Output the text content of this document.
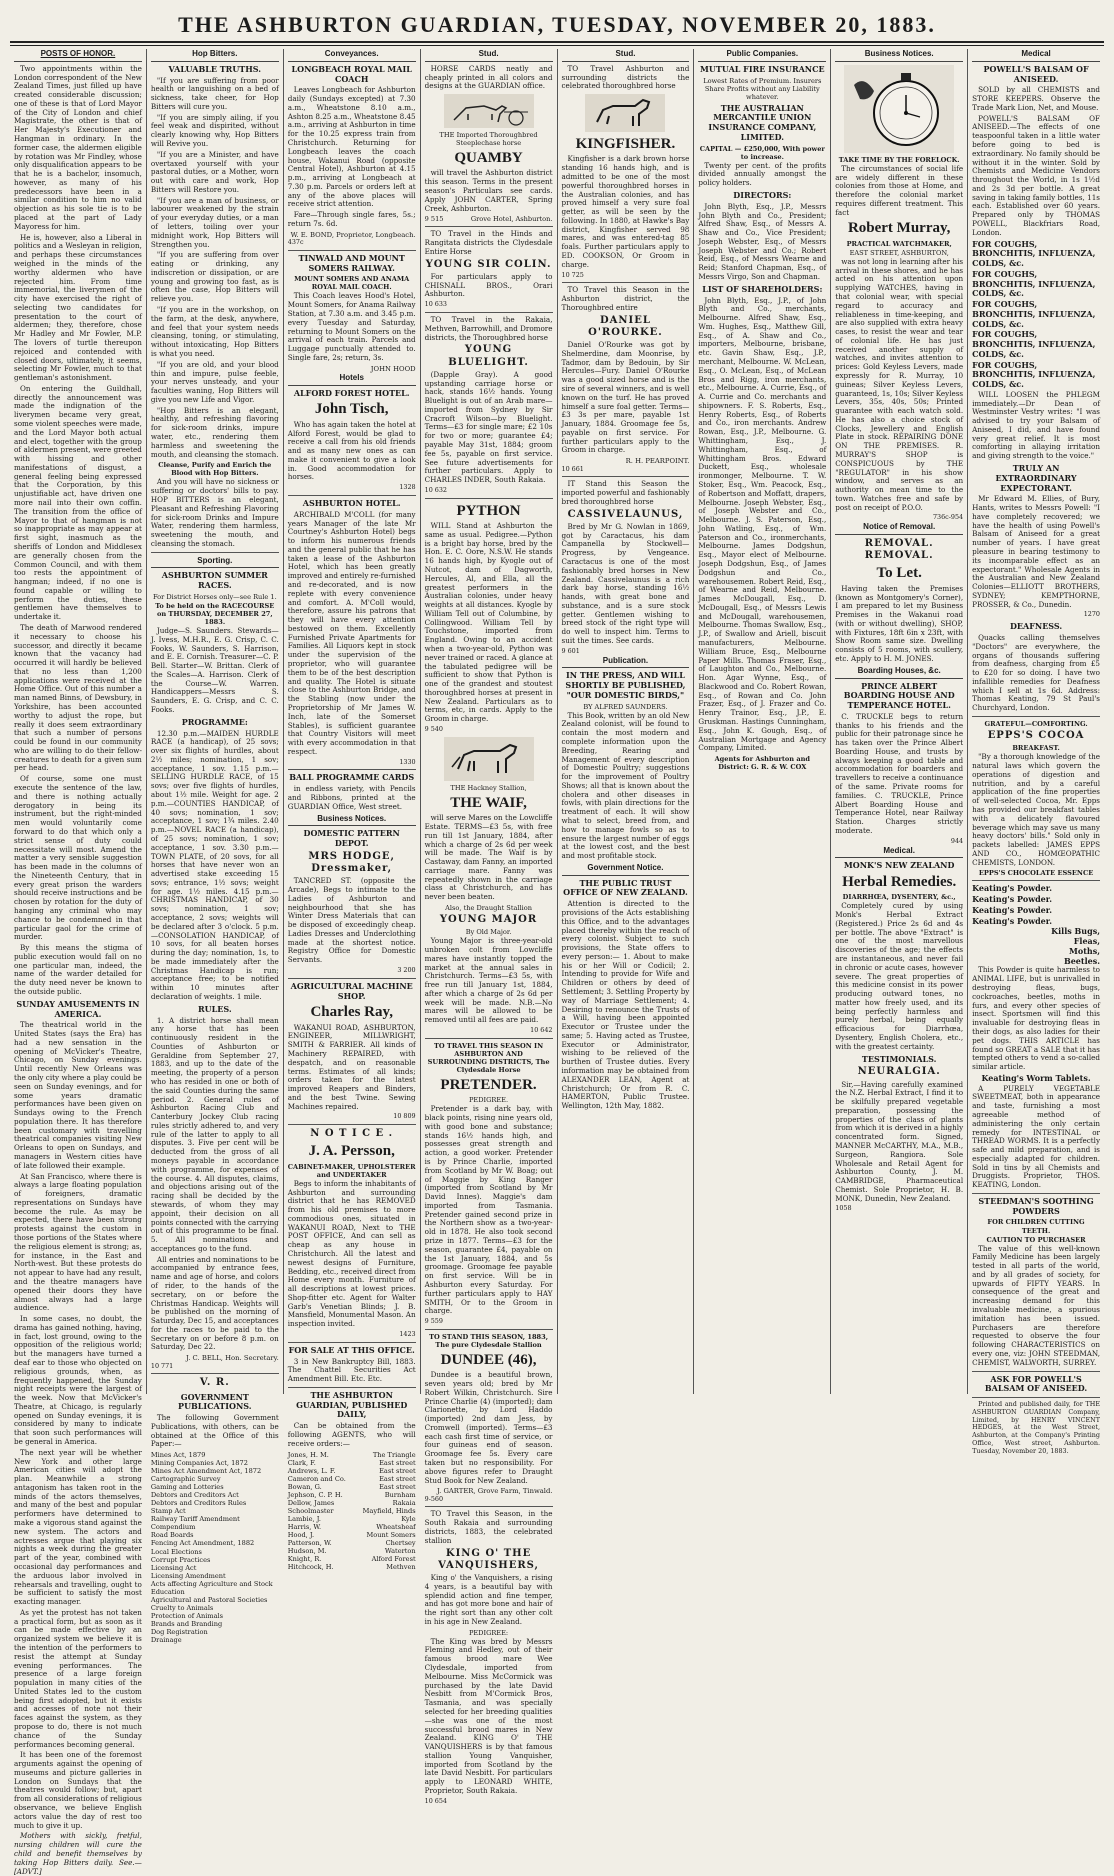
THE ASHBURTON GUARDIAN, TUESDAY, NOVEMBER 20, 1883.
POSTS OF HONOR.

Two appointments within the London correspondent of the New Zealand Times, just filled up have created considerable discussion; one of these is that of Lord Mayor of the City of London and chief Magistrate, the other is that of Her Majesty's Executioner and Hangman in ordinary. In the former case, the aldermen eligible by rotation was Mr Findley, whose only disqualification appears to be that he is a bachelor, insomuch, however, as many of his predecessors have been in a similar condition to him no valid objection as his sole tie is to be placed at the part of Lady Mayoress for him.

He is, however, also a Liberal in politics and a Wesleyan in religion, and perhaps these circumstances weighed in the minds of the worthy aldermen who have rejected him. From time immemorial, the liverymen of the city have exercised the right of selecting two candidates for presentation to the court of aldermen; they, therefore, chose Mr Hadley and Mr Fowler, M.P. The lovers of turtle thereupon rejoiced and contended with closed doors, ultimately, it seems, selecting Mr Fowler, much to that gentleman's astonishment.

On entering the Guildhall, directly the announcement was made the indignation of the liverymen became very great, some violent speeches were made, and the Lord Mayor both actual and elect, together with the group of aldermen present, were greeted with hissing and other manifestations of disgust, a general feeling being expressed that the Corporation, by this unjustifiable act, have driven one more nail into their own coffin. The transition from the office of Mayor to that of hangman is not so inappropriate as may appear at first sight, inasmuch as the sheriffs of London and Middlesex are generally chosen from the Common Council, and with them too rests the appointment of hangman; indeed, if no one is found capable or willing to perform the duties, these gentlemen have themselves to undertake it.

The death of Marwood rendered it necessary to choose his successor, and directly it became known that the vacancy had occurred it will hardly be believed that no less than 1,200 applications were received at the Home Office. Out of this number a man named Binns, of Dewsbury, in Yorkshire, has been accounted worthy to adjust the rope, but really it does seem extraordinary that such a number of persons could be found in our community who are willing to do their fellow-creatures to death for a given sum per head.

Of course, some one must execute the sentence of the law, and there is nothing actually derogatory in being its instrument, but the right-minded men would voluntarily come forward to do that which only a strict sense of duty could necessitate will most. Amend the matter a very sensible suggestion has been made in the columns of the Nineteenth Century, that in every great prison the warders should receive instructions and be chosen by rotation for the duty of hanging any criminal who may chance to be condemned in that particular gaol for the crime of murder.

By this means the stigma of public execution would fall on no one particular man, indeed, the name of the warder detailed for the duty need never be known to the outside public.

SUNDAY AMUSEMENTS IN AMERICA.

The theatrical world in the United States (says the Era) has had a new sensation in the opening of McVicker's Theatre, Chicago, on Sunday evenings. Until recently New Orleans was the only city where a play could be seen on Sunday evenings, and for some years dramatic performances have been given on Sundays owing to the French population there. It has therefore been customary with travelling theatrical companies visiting New Orleans to open on Sundays, and managers in Western cities have of late followed their example.

At San Francisco, where there is always a large floating population of foreigners, dramatic representations on Sundays have become the rule. As may be expected, there have been strong protests against the custom in those portions of the States where the religious element is strong; as, for instance, in the East and North-west. But these protests do not appear to have had any result, and the theatre managers have opened their doors they have almost always had a large audience.

In some cases, no doubt, the drama has gained nothing, having, in fact, lost ground, owing to the opposition of the religious world; but the managers have turned a deaf ear to those who objected on religious grounds, when, as frequently happened, the Sunday night receipts were the largest of the week. Now that McVicker's Theatre, at Chicago, is regularly opened on Sunday evenings, it is considered by many to indicate that soon such performances will be general in America.

The next year will be whether New York and other large American cities will adopt the plan. Meanwhile a strong antagonism has taken root in the minds of the actors themselves, and many of the best and popular performers have determined to make a vigorous stand against the new system. The actors and actresses argue that playing six nights a week during the greater part of the year, combined with occasional day performances and the arduous labor involved in rehearsals and travelling, ought to be sufficient to satisfy the most exacting manager.

As yet the protest has not taken a practical form, but as soon as it can be made effective by an organized system we believe it is the intention of the performers to resist the attempt at Sunday evening performances. The presence of a large foreign population in many cities of the United States led to the custom being first adopted, but it exists and accesses of note not their faces against the system, as they propose to do, there is not much chance of the Sunday performances becoming general.

It has been one of the foremost arguments against the opening of museums and picture galleries in London on Sundays that the theatres would follow; but, apart from all considerations of religious observance, we believe English actors value the day of rest too much to give it up.

Mothers with sickly, fretful, nursing children will cure the child and benefit themselves by taking Hop Bitters daily. See.—[ADVT.]

Hop Bitters.
VALUABLE TRUTHS.

"If you are suffering from poor health or languishing on a bed of sickness, take cheer, for Hop Bitters will cure you.

"If you are simply ailing, if you feel weak and dispirited, without clearly knowing why, Hop Bitters will Revive you.

"If you are a Minister, and have overtaxed yourself with your pastoral duties, or a Mother, worn out with care and work, Hop Bitters will Restore you.

"If you are a man of business, or labourer weakened by the strain of your everyday duties, or a man of letters, toiling over your midnight work, Hop Bitters will Strengthen you.

"If you are suffering from over eating or drinking, any indiscretion or dissipation, or are young and growing too fast, as is often the case, Hop Bitters will relieve you.

"If you are in the workshop, on the farm, at the desk, anywhere, and feel that your system needs cleansing, toning, or stimulating, without intoxicating, Hop Bitters is what you need.

"If you are old, and your blood thin and impure, pulse feeble, your nerves unsteady, and your faculties waning, Hop Bitters will give you new Life and Vigor.

"Hop Bitters is an elegant, healthy, and refreshing flavoring for sick-room drinks, impure water, etc., rendering them harmless and sweetening the mouth, and cleansing the stomach.

Cleanse, Purify and Enrich the Blood with Hop Bitters.

And you will have no sickness or suffering or doctors' bills to pay. HOP BITTERS is an elegant, Pleasant and Refreshing Flavoring for sick-room Drinks and Impure Water, rendering them harmless, sweetening the mouth, and cleansing the stomach.

Sporting.
ASHBURTON SUMMER RACES.
For District Horses only—see Rule 1.
To be held on the RACECOURSE on THURSDAY, DECEMBER 27, 1883.

Judge—S. Saunders. Stewards—J. Ivess, M.H.R., E. G. Crisp, C. C. Fooks, W. Saunders, S. Harrison, and E. E. Cornish. Treasurer—C. P. Bell. Starter—W. Brittan. Clerk of the Scales—A. Harrison. Clerk of the Course—W. Warren. Handicappers—Messrs S. Saunders, E. G. Crisp, and C. C. Fooks.

PROGRAMME:

12.30 p.m.—MAIDEN HURDLE RACE (a handicap), of 25 sovs; over six flights of hurdles, about 2½ miles; nomination, 1 sov; acceptance, 1 sov. 1.15 p.m.—SELLING HURDLE RACE, of 15 sovs; over five flights of hurdles, about 1½ mile. Weight for age. 2 p.m.—COUNTIES HANDICAP, of 40 sovs; nomination, 1 sov; acceptance, 1 sov; 1¾ miles. 2.40 p.m.—NOVEL RACE (a handicap), of 25 sovs; nomination, 1 sov; acceptance, 1 sov. 3.30 p.m.—TOWN PLATE, of 20 sovs, for all horses that have never won an advertised stake exceeding 15 sovs; entrance, 1½ sovs; weight for age. 1½ miles. 4.15 p.m.—CHRISTMAS HANDICAP, of 30 sovs; nomination, 1 sov; acceptance, 2 sovs; weights will be declared after 3 o'clock. 5 p.m.—CONSOLATION HANDICAP, of 10 sovs, for all beaten horses during the day; nomination, 1s, to be made immediately after the Christmas Handicap is run; acceptance free; to be notified within 10 minutes after declaration of weights. 1 mile.

RULES.

1. A district horse shall mean any horse that has been continuously resident in the Counties of Ashburton or Geraldine from September 27, 1883, and up to the date of the meeting, the property of a person who has resided in one or both of the said Counties during the same period. 2. General rules of Ashburton Racing Club and Canterbury Jockey Club racing rules strictly adhered to, and very rule of the latter to apply to all disputes. 3. Five per cent will be deducted from the gross of all moneys payable in accordance with programme, for expenses of the course. 4. All disputes, claims, and objections arising out of the racing shall be decided by the stewards, of whom they may appoint, their decision on all points connected with the carrying out of this programme to be final. 5. All nominations and acceptances go to the fund.

All entries and nominations to be accompanied by entrance fees, name and age of horse, and colors of rider, to the hands of the secretary, on or before the Christmas Handicap. Weights will be published on the morning of Saturday, Dec 15, and acceptances for the races to be paid to the Secretary on or before 8 p.m. on Saturday, Dec 22.

J. C. BELL, Hon. Secretary.
10 771
V. R.
GOVERNMENT PUBLICATIONS.

The following Government Publications, with others, can be obtained at the Office of this Paper:—

Mines Act, 1879
Mining Companies Act, 1872
Mines Act Amendment Act, 1872
Cartographic Survey
Gaming and Lotteries
Debtors and Creditors Act
Debtors and Creditors Rules
Stamp Act
Railway Tariff Amendment
Compendium
Road Boards
Fencing Act Amendment, 1882
Local Elections
Corrupt Practices
Licensing Act
Licensing Amendment
Acts affecting Agriculture and Stock
Education
Agricultural and Pastoral Societies
Cruelty to Animals
Protection of Animals
Brands and Branding
Dog Registration
Drainage
Conveyances.
LONGBEACH ROYAL MAIL COACH

Leaves Longbeach for Ashburton daily (Sundays excepted) at 7.30 a.m., Wheatstone 8.10 a.m., Ashton 8.25 a.m., Wheatstone 8.45 a.m., arriving at Ashburton in time for the 10.25 express train from Christchurch. Returning for Longbeach leaves the coach house, Wakanui Road (opposite Central Hotel), Ashburton at 4.15 p.m., arriving at Longbeach at 7.30 p.m. Parcels or orders left at any of the above places will receive strict attention.

Fare—Through single fares, 5s.; return 7s. 6d.

W. E. BOND, Proprietor, Longbeach.
437c
TINWALD AND MOUNT SOMERS RAILWAY.
MOUNT SOMERS AND ANAMA ROYAL MAIL COACH.

This Coach leaves Hood's Hotel, Mount Somers, for Anama Railway Station, at 7.30 a.m. and 3.45 p.m. every Tuesday and Saturday, returning to Mount Somers on the arrival of each train. Parcels and Luggage punctually attended to. Single fare, 2s; return, 3s.

JOHN HOOD
Hotels
ALFORD FOREST HOTEL.
John Tisch,

Who has again taken the hotel at Alford Forest, would be glad to receive a call from his old friends and as many new ones as can make it convenient to give a look in. Good accommodation for horses.

1328
ASHBURTON HOTEL.

ARCHIBALD M'COLL (for many years Manager of the late Mr Courtney's Ashburton Hotel) begs to inform his numerous friends and the general public that he has taken a lease of the Ashburton Hotel, which has been greatly improved and entirely re-furnished and re-decorated, and is now replete with every convenience and comfort. A. M'Coll would, therefore, assure his patrons that they will have every attention bestowed on them. Excellently Furnished Private Apartments for Families. All Liquors kept in stock under the supervision of the proprietor, who will guarantee them to be of the best description and quality. The Hotel is situate close to the Ashburton Bridge, and the Stabling (now under the Proprietorship of Mr James W. Inch, late of the Somerset Stables), is sufficient guarantee that Country Visitors will meet with every accommodation in that respect.

1330
BALL PROGRAMME CARDS

in endless variety, with Pencils and Ribbons, printed at the GUARDIAN Office, West street.

Business Notices.
DOMESTIC PATTERN DEPOT.
MRS HODGE, Dressmaker,

TANCRED ST. (opposite the Arcade), Begs to intimate to the Ladies of Ashburton and neighbourhood that she has Winter Dress Materials that can be disposed of exceedingly cheap. Ladies Dresses and Underclothing made at the shortest notice. Registry Office for Domestic Servants.

3 200
AGRICULTURAL MACHINE SHOP.
Charles Ray,

WAKANUI ROAD, ASHBURTON, ENGINEER, MILLWRIGHT, SMITH & FARRIER. All kinds of Machinery REPAIRED, with despatch, and on reasonable terms. Estimates of all kinds; orders taken for the latest improved Reapers and Binders, and the best Twine. Sewing Machines repaired.

10 809
N O T I C E .
J. A. Persson,
CABINET-MAKER, UPHOLSTERER and UNDERTAKER

Begs to inform the inhabitants of Ashburton and surrounding district that he has REMOVED from his old premises to more commodious ones, situated in WAKANUI ROAD, Next to THE POST OFFICE, And can sell as cheap as any house in Christchurch. All the latest and newest designs of Furniture, Bedding, etc., received direct from Home every month. Furniture of all descriptions at lowest prices. Shop-fitter etc. Agent for Walter Garb's Venetian Blinds; J. B. Mansfield, Monumental Mason. An inspection invited.

1423
FOR SALE AT THIS OFFICE.

3 in New Bankruptcy Bill, 1883. The Chattel Securities Act Amendment Bill. Etc. Etc.

THE ASHBURTON GUARDIAN, PUBLISHED DAILY,

Can be obtained from the following AGENTS, who will receive orders:—

Jones, H. M.	The Triangle
Clark, F.	East street
Andrews, L. F.	East street
Cameron and Co.	East street
Bowan, G.	East street
Jephson, C. P. H.	Burnham
Dellow, James	Rakaia
Schoolmaster	Mayfield, Hinds
Lambie, J.	Kyle
Harris, W.	Wheatsheaf
Hood, J.	Mount Somers
Patterson, W.	Chertsey
Hudson, M.	Waterton
Knight, R.	Alford Forest
Hitchcock, H.	Methven
Stud.

HORSE CARDS neatly and cheaply printed in all colors and designs at the GUARDIAN office.

THE Imported Thoroughbred Steeplechase horse
QUAMBY

will travel the Ashburton district this season. Terms in the present season's Particulars see cards. Apply JOHN CARTER, Spring Creek, Ashburton.

9 515	Grove Hotel, Ashburton.

TO Travel in the Hinds and Rangitata districts the Clydesdale Entire Horse

YOUNG SIR COLIN.

For particulars apply to CHISNALL BROS., Orari Ashburton.

10 633

TO Travel in the Rakaia, Methven, Barrowhill, and Dromore districts, the Thoroughbred horse

YOUNG BLUELIGHT.

(Dapple Gray). A good upstanding carriage horse or hack, stands 16½ hands. Young Bluelight is out of an Arab mare—imported from Sydney by Sir Cracroft Wilson—by Bluelight. Terms—£3 for single mare; £2 10s for two or more; guarantee £4; payable May 31st, 1884; groom fee 5s, payable on first service. See future advertisements for further particulars. Apply to CHARLES INDER, South Rakaia.

10 632
PYTHON

WILL Stand at Ashburton the same as usual. Pedigree.—Python is a bright bay horse, bred by the Hon. E. C. Oore, N.S.W. He stands 16 hands high, by Kyogle out of Nutcot, dam of Dagworth, Hercules, Al, and Ella, all the greatest performers in the Australian colonies, under heavy weights at all distances. Kyogle by William Tell out of Columbine, by Collingwood. William Tell by Touchstone, imported from England. Owing to an accident when a two-year-old, Python was never trained or raced. A glance at the tabulated pedigree will be sufficient to show that Python is one of the grandest and stoutest thoroughbred horses at present in New Zealand. Particulars as to terms, etc, in cards. Apply to the Groom in charge.

9 540
THE Hackney Stallion,
THE WAIF,

will serve Mares on the Lowcliffe Estate. TERMS—£3 5s, with free run till 1st January, 1884, after which a charge of 2s 6d per week will be made. The Waif is by Castaway, dam Fanny, an imported carriage mare. Fanny was repeatedly shown in the carriage class at Christchurch, and has never been beaten.

Also, the Draught Stallion
YOUNG MAJOR
By Old Major.

Young Major is three-year-old unbroken colt from Lowcliffe mares have instantly topped the market at the annual sales in Christchurch. Terms—£3 5s, with free run till January 1st, 1884, after which a charge of 2s 6d per week will be made. N.B.—No mares will be allowed to be removed until all fees are paid.

10 642
TO TRAVEL THIS SEASON IN ASHBURTON AND SURROUNDING DISTRICTS, The Clydesdale Horse
PRETENDER.
PEDIGREE.

Pretender is a dark bay, with black points, rising nine years old, with good bone and substance; stands 16½ hands high, and possesses great strength and action, a good worker. Pretender is by Prince Charlie, imported from Scotland by Mr W. Boag; out of Maggie by King Ranger (imported from Scotland by Mr David Innes). Maggie's dam imported from Tasmania. Pretender gained second prize in the Northern show as a two-year-old in 1878. He also took second prize in 1877. Terms—£3 for the season, guarantee £4, payable on the 1st January, 1884, and 5s groomage. Groomage fee payable on first service. Will be in Ashburton every Saturday. For further particulars apply to HAY SMITH, Or to the Groom in charge.

9 559
TO STAND THIS SEASON, 1883, The pure Clydesdale Stallion
DUNDEE (46),

Dundee is a beautiful brown, seven years old; bred by Mr Robert Wilkin, Christchurch. Sire Prince Charlie (4) (imported); dam Clarionette, by Lord Haddo (imported) 2nd dam Jess, by Cromwell (imported). Terms—£3 each cash first time of service, or four guineas end of season. Groomage fee 5s. Every care taken but no responsibility. For above figures refer to Draught Stud Book for New Zealand.

J. GARTER, Grove Farm, Tinwald.
9-560

TO Travel this Season, in the South Rakaia and surrounding districts, 1883, the celebrated stallion

KING O' THE VANQUISHERS,

King o' the Vanquishers, a rising 4 years, is a beautiful bay with splendid action and fine temper, and has got more bone and hair of the right sort than any other colt in his age in New Zealand.

PEDIGREE:

The King was bred by Messrs Fleming and Hedley, out of their famous brood mare Wee Clydesdale, imported from Melbourne. Miss McCormick was purchased by the late David Nesbitt from M'Cormick Bros, Tasmania, and was specially selected for her breeding qualities—she was one of the most successful brood mares in New Zealand. KING O' THE VANQUISHERS is by that famous stallion Young Vanquisher, imported from Scotland by the late David Nesbitt. For particulars apply to LEONARD WHITE, Proprietor, South Rakaia.

10 654
Stud.

TO Travel Ashburton and surrounding districts the celebrated thoroughbred horse

KINGFISHER.

Kingfisher is a dark brown horse standing 16 hands high, and is admitted to be one of the most powerful thoroughbred horses in the Australian colonies, and has proved himself a very sure foal getter, as will be seen by the following. In 1880, at Hawke's Bay district, Kingfisher served 98 mares, and was entered-tag 85 foals. Further particulars apply to ED. COOKSON, Or Groom in charge.

10 725

TO Travel this Season in the Ashburton district, the Thoroughbred entire

DANIEL O'ROURKE.

Daniel O'Rourke was got by Shelmerdine, dam Moonrise, by Tadmor, dam by Bedouin, by Sir Hercules—Fury. Daniel O'Rourke was a good sized horse and is the sire of several winners, and is well known on the turf. He has proved himself a sure foal getter. Terms—£3 3s per mare, payable 1st January, 1884. Groomage fee 5s, payable on first service. For further particulars apply to the Groom in charge.

R. H. PEARPOINT.
10 661

IT Stand this Season the imported powerful and fashionably bred thoroughbred horse

CASSIVELAUNUS,

Bred by Mr G. Nowlan in 1869, got by Caractacus, his dam Campanella by Stockwell—Progress, by Vengeance. Caractacus is one of the most fashionably bred horses in New Zealand. Cassivelaunus is a rich dark bay horse, standing 16½ hands, with great bone and substance, and is a sure stock getter. Gentlemen wishing to breed stock of the right type will do well to inspect him. Terms to suit the times. See cards.

9 601
Publication.
IN THE PRESS, AND WILL SHORTLY BE PUBLISHED, "OUR DOMESTIC BIRDS,"
BY ALFRED SAUNDERS.

This Book, written by an old New Zealand colonist, will be found to contain the most modern and complete information upon the Breeding, Rearing and Management of every description of Domestic Poultry; suggestions for the improvement of Poultry Shows; all that is known about the cholera and other diseases in fowls, with plain directions for the treatment of each. It will show what to select, breed from, and how to manage fowls so as to ensure the largest number of eggs at the lowest cost, and the best and most profitable stock.

Government Notice.
THE PUBLIC TRUST OFFICE OF NEW ZEALAND.

Attention is directed to the provisions of the Acts establishing this Office, and to the advantages placed thereby within the reach of every colonist. Subject to such provisions, the State offers to every person:— 1. About to make his or her Will or Codicil; 2. Intending to provide for Wife and Children or others by deed of Settlement; 3. Settling Property by way of Marriage Settlement; 4. Desiring to renounce the Trusts of a Will, having been appointed Executor or Trustee under the same; 5. Having acted as Trustee, Executor or Administrator, wishing to be relieved of the burthen of Trustee duties. Every information may be obtained from ALEXANDER LEAN, Agent at Christchurch; Or from R. C. HAMERTON, Public Trustee. Wellington, 12th May, 1882.

Public Companies.
MUTUAL FIRE INSURANCE
Lowest Rates of Premium. Insurers Share Profits without any Liability whatever.
THE AUSTRALIAN MERCANTILE UNION INSURANCE COMPANY, LIMITED.
CAPITAL — £250,000, With power to increase.

Twenty per cent. of the profits divided annually amongst the policy holders.

DIRECTORS:

John Blyth, Esq., J.P., Messrs John Blyth and Co., President; Alfred Shaw, Esq., of Messrs A. Shaw and Co., Vice President; Joseph Webster, Esq., of Messrs Joseph Webster and Co.; Robert Reid, Esq., of Messrs Wearne and Reid; Stanford Chapman, Esq., of Messrs Virgo, Son and Chapman.

LIST OF SHAREHOLDERS:

John Blyth, Esq., J.P., of John Blyth and Co., merchants, Melbourne. Alfred Shaw, Esq., Wm. Hughes, Esq., Matthew Gill, Esq., of A. Shaw and Co., importers, Melbourne, brisbane, etc. Gavin Shaw, Esq., J.P., merchant, Melbourne. W. McLean, Esq., O. McLean, Esq., of McLean Bros and Rigg, iron merchants, etc., Melbourne. A. Currie, Esq., of A. Currie and Co. merchants and shipowners. F. S. Roberts, Esq., Henry Roberts, Esq., of Roberts and Co., iron merchants. Andrew Rowan, Esq., J.P., Melbourne. G. Whittingham, Esq., J. Whittingham, Esq., of Whittingham Bros. Edward Duckett, Esq., wholesale ironmonger, Melbourne. T. W. Stoker, Esq., Wm. Peacock, Esq., of Robertson and Moffatt, drapers, Melbourne. Joseph Webster, Esq., of Joseph Webster and Co., Melbourne. J. S. Paterson, Esq., John Watling, Esq., of Wm. Paterson and Co., ironmerchants, Melbourne. James Dodgshun, Esq., Mayor elect of Melbourne. Joseph Dodgshun, Esq., of James Dodgshun and Co., warehousemen. Robert Reid, Esq., of Wearne and Reid, Melbourne. James McDougall, Esq., D. McDougall, Esq., of Messrs Lewis and McDougall, warehousemen, Melbourne. Thomas Swallow, Esq., J.P., of Swallow and Ariell, biscuit manufacturers, Melbourne. William Bruce, Esq., Melbourne Paper Mills. Thomas Fraser, Esq., of Laughton and Co., Melbourne. Hon. Agar Wynne, Esq., of Blackwood and Co. Robert Rowan, Esq., of Rowan and Co. John Frazer, Esq., of J. Frazer and Co. Henry Trainor, Esq., J.P., E. Gruskman. Hastings Cunningham, Esq., John K. Gough, Esq., of Australian Mortgage and Agency Company, Limited.

Agents for Ashburton and District: G. R. & W. COX
Business Notices.
TAKE TIME BY THE FORELOCK.

The circumstances of social life are widely different in these colonies from those at Home, and therefore the colonial market requires different treatment. This fact

Robert Murray,
PRACTICAL WATCHMAKER,
EAST STREET, ASHBURTON,

was not long in learning after his arrival in these shores, and he has acted on his attention upon supplying WATCHES, having in that colonial wear, with special regard to accuracy and reliableness in time-keeping, and are also supplied with extra heavy cases, to resist the wear and tear of colonial life. He has just received another supply of watches, and invites attention to prices: Gold Keyless Levers, made expressly for R. Murray, 10 guineas; Silver Keyless Levers, guaranteed, 1s, 10s; Silver Keyless Levers, 35s, 40s, 50s; Printed guarantee with each watch sold. He has also a choice stock of Clocks, Jewellery and English Plate in stock. REPAIRING DONE ON THE PREMISES. R. MURRAY'S SHOP is CONSPICUOUS by THE "REGULATOR" in his show window, and serves as an authority on mean time to the town. Watches free and safe by post on receipt of P.O.O.

736c-954
Notice of Removal.
REMOVAL. REMOVAL.
To Let.

Having taken the Premises (known as Montgomery's Corner), I am prepared to let my Business Premises in the Wakanui road (with or without dwelling), SHOP, with Fixtures, 18ft 6in x 23ft, with Show Room same size. Dwelling consists of 5 rooms, with scullery, etc. Apply to H. M. JONES.

Boarding Houses, &c.
PRINCE ALBERT BOARDING HOUSE AND TEMPERANCE HOTEL.

C. TRUCKLE begs to return thanks to his friends and the public for their patronage since he has taken over the Prince Albert Boarding House, and trusts by always keeping a good table and accommodation for boarders and travellers to receive a continuance of the same. Private rooms for families. C. TRUCKLE, Prince Albert Boarding House and Temperance Hotel, near Railway Station. Charges strictly moderate.

944
Medical.
MONK'S NEW ZEALAND
Herbal Remedies.
DIARRHŒA, DYSENTERY, &c.,

Completely cured by using Monk's Herbal Extract (Registered.) Price 2s 6d and 4s per bottle. The above "Extract" is one of the most marvellous discoveries of the age; the effects are instantaneous, and never fail in chronic or acute cases, however severe. The great properties of this medicine consist in its power producing outward tones, no matter how freely used, and its being perfectly harmless and purely herbal, being equally efficacious for Diarrhœa, Dysentery, English Cholera, etc., with the greatest certainty.

TESTIMONIALS.
NEURALGIA.

Sir,—Having carefully examined the N.Z. Herbal Extract, I find it to be skilfully prepared vegetable preparation, possessing the properties of the class of plants from which it is derived in a highly concentrated form. Signed, MANNER McCARTHY, M.A., M.B., Surgeon, Rangiora. Sole Wholesale and Retail Agent for Ashburton County, J. M. CAMBRIDGE, Pharmaceutical Chemist. Sole Proprietor, H. B. MONK, Dunedin, New Zealand.

1058
Medical
POWELL'S BALSAM OF ANISEED.

SOLD by all CHEMISTS and STORE KEEPERS. Observe the Trade Mark Lion, Net, and Mouse.

POWELL'S BALSAM OF ANISEED.—The effects of one teaspoonful taken in a little water before going to bed is extraordinary. No family should be without it in the winter. Sold by Chemists and Medicine Vendors throughout the World, in 1s 1½d and 2s 3d per bottle. A great saving in taking family bottles, 11s each. Established over 60 years. Prepared only by THOMAS POWELL, Blackfriars Road, London.

FOR COUGHS, BRONCHITIS, INFLUENZA, COLDS, &c.
FOR COUGHS, BRONCHITIS, INFLUENZA, COLDS, &c.
FOR COUGHS, BRONCHITIS, INFLUENZA, COLDS, &c.
FOR COUGHS, BRONCHITIS, INFLUENZA, COLDS, &c.
FOR COUGHS, BRONCHITIS, INFLUENZA, COLDS, &c.

WILL LOOSEN the PHLEGM immediately.—Dr Dean of Westminster Vestry writes: "I was advised to try your Balsam of Aniseed, I did, and have found very great relief. It is most comforting in allaying irritation and giving strength to the voice."

TRULY AN EXTRAORDINARY EXPECTORANT.

Mr Edward M. Ellies, of Bury, Hants, writes to Messrs Powell: "I have completely recovered; we have the health of using Powell's Balsam of Aniseed for a great number of years. I have great pleasure in bearing testimony to its incomparable effect as an expectorant." Wholesale Agents in the Australian and New Zealand Colonies—ELLIOTT BROTHERS, SYDNEY; KEMPTHORNE, PROSSER, & Co., Dunedin.

1270
DEAFNESS.

Quacks calling themselves "Doctors" are everywhere, the organs of thousands suffering from deafness, charging from £5 to £20 for so doing. I have two infallible remedies for Deafness which I sell at 1s 6d. Address: Thomas Keating, 79 St Paul's Churchyard, London.

GRATEFUL—COMFORTING.
EPPS'S COCOA
BREAKFAST.

"By a thorough knowledge of the natural laws which govern the operations of digestion and nutrition, and by a careful application of the fine properties of well-selected Cocoa, Mr. Epps has provided our breakfast tables with a delicately flavoured beverage which may save us many heavy doctors' bills." Sold only in packets labelled: JAMES EPPS AND CO., HOMŒOPATHIC CHEMISTS, LONDON.

EPPS'S CHOCOLATE ESSENCE
Keating's Powder.
Keating's Powder.
Keating's Powder.
Keating's Powder.
Kills Bugs,
Fleas,
Moths,
Beetles.

This Powder is quite harmless to ANIMAL LIFE, but is unrivalled in destroying fleas, bugs, cockroaches, beetles, moths in furs, and every other species of insect. Sportsmen will find this invaluable for destroying fleas in their dogs, as also ladies for their pet dogs. THIS ARTICLE has found so GREAT a SALE that it has tempted others to vend a so-called similar article.

Keating's Worm Tablets.

A PURELY VEGETABLE SWEETMEAT, both in appearance and taste, furnishing a most agreeable method of administering the only certain remedy for INTESTINAL or THREAD WORMS. It is a perfectly safe and mild preparation, and is especially adapted for children. Sold in tins by all Chemists and Druggists. Proprietor, THOS. KEATING, London.

STEEDMAN'S SOOTHING POWDERS
FOR CHILDREN CUTTING TEETH.
CAUTION TO PURCHASER

The value of this well-known Family Medicine has been largely tested in all parts of the world, and by all grades of society, for upwards of FIFTY YEARS. In consequence of the great and increasing demand for this invaluable medicine, a spurious imitation has been issued. Purchasers are therefore requested to observe the four following CHARACTERISTICS on every one, viz: JOHN STEEDMAN, CHEMIST, WALWORTH, SURREY.

ASK FOR POWELL'S BALSAM OF ANISEED.

Printed and published daily, for THE ASHBURTON GUARDIAN Company, Limited, by HENRY VINCENT HEDGES, at the West Street, Ashburton, at the Company's Printing Office, West street, Ashburton. Tuesday, November 20, 1883.
